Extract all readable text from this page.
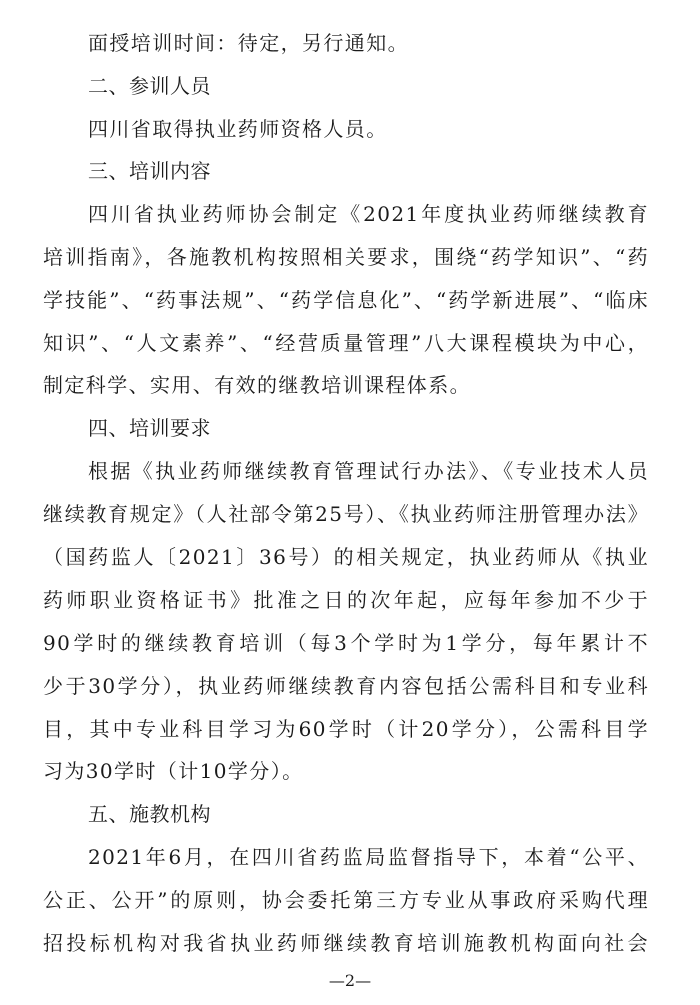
面授培训时间：待定，另行通知。
二、参训人员
四川省取得执业药师资格人员。
三、培训内容
四川省执业药师协会制定《2021年度执业药师继续教育
培训指南》，各施教机构按照相关要求，围绕“药学知识”、“药
学技能”、“药事法规”、“药学信息化”、“药学新进展”、“临床
知识”、“人文素养”、“经营质量管理”八大课程模块为中心，
制定科学、实用、有效的继教培训课程体系。
四、培训要求
根据《执业药师继续教育管理试行办法》、《专业技术人员
继续教育规定》（人社部令第25号）、《执业药师注册管理办法》
（国药监人〔2021〕36号）的相关规定，执业药师从《执业
药师职业资格证书》批准之日的次年起，应每年参加不少于
90学时的继续教育培训（每3个学时为1学分，每年累计不
少于30学分），执业药师继续教育内容包括公需科目和专业科
目，其中专业科目学习为60学时（计20学分），公需科目学
习为30学时（计10学分）。
五、施教机构
2021年6月，在四川省药监局监督指导下，本着“公平、
公正、公开”的原则，协会委托第三方专业从事政府采购代理
招投标机构对我省执业药师继续教育培训施教机构面向社会
—2—
